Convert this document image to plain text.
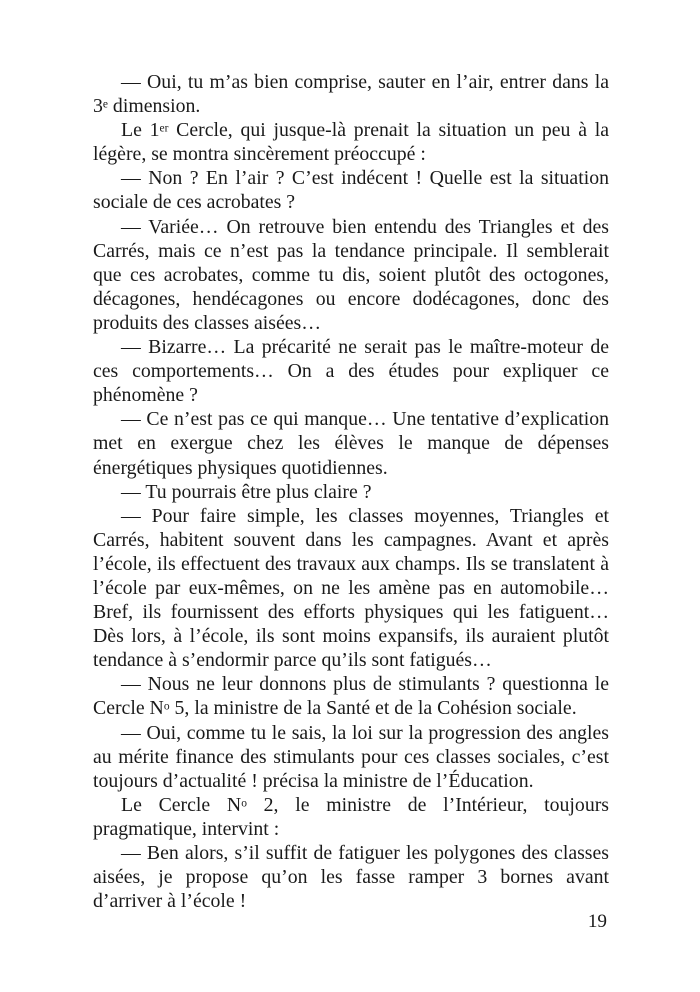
— Oui, tu m’as bien comprise, sauter en l’air, entrer dans la 3e dimension.

Le 1er Cercle, qui jusque-là prenait la situation un peu à la légère, se montra sincèrement préoccupé :

— Non ? En l’air ? C’est indécent ! Quelle est la situation sociale de ces acrobates ?

— Variée… On retrouve bien entendu des Triangles et des Carrés, mais ce n’est pas la tendance principale. Il semblerait que ces acrobates, comme tu dis, soient plutôt des octogones, décagones, hendécagones ou encore dodécagones, donc des produits des classes aisées…

— Bizarre… La précarité ne serait pas le maître-moteur de ces comportements… On a des études pour expliquer ce phénomène ?

— Ce n’est pas ce qui manque… Une tentative d’explication met en exergue chez les élèves le manque de dépenses énergétiques physiques quotidiennes.

— Tu pourrais être plus claire ?

— Pour faire simple, les classes moyennes, Triangles et Carrés, habitent souvent dans les campagnes. Avant et après l’école, ils effectuent des travaux aux champs. Ils se translatent à l’école par eux-mêmes, on ne les amène pas en automobile… Bref, ils fournissent des efforts physiques qui les fatiguent… Dès lors, à l’école, ils sont moins expansifs, ils auraient plutôt tendance à s’endormir parce qu’ils sont fatigués…

— Nous ne leur donnons plus de stimulants ? questionna le Cercle $N^o$ 5, la ministre de la Santé et de la Cohésion sociale.

— Oui, comme tu le sais, la loi sur la progression des angles au mérite finance des stimulants pour ces classes sociales, c’est toujours d’actualité ! précisa la ministre de l’Éducation.

Le Cercle $N^o$ 2, le ministre de l’Intérieur, toujours pragmatique, intervint :

— Ben alors, s’il suffit de fatiguer les polygones des classes aisées, je propose qu’on les fasse ramper 3 bornes avant d’arriver à l’école !

19
